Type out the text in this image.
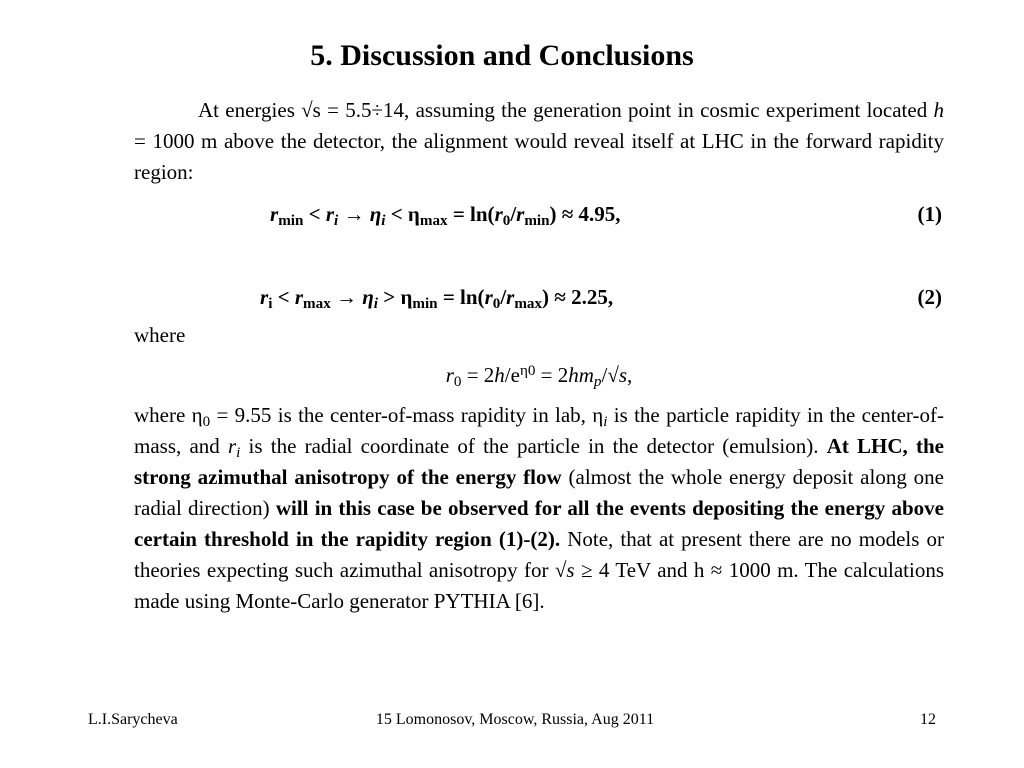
5. Discussion and Conclusions
At energies √s = 5.5÷14, assuming the generation point in cosmic experiment located h = 1000 m above the detector, the alignment would reveal itself at LHC in the forward rapidity region:
$r_{min} < r_i \to \eta_i < \eta_{max} = \ln(r_0/r_{min}) \approx 4.95$,	(1)
$r_i < r_{max} \to \eta_i > \eta_{min} = \ln(r_0/r_{max}) \approx 2.25$,	(2)
where
$r_0 = 2h/e^{\eta 0} = 2hm_p/√s$,
where $\eta_0 = 9.55$ is the center-of-mass rapidity in lab, $\eta_i$ is the particle rapidity in the center-of-mass, and $r_i$ is the radial coordinate of the particle in the detector (emulsion). At LHC, the strong azimuthal anisotropy of the energy flow (almost the whole energy deposit along one radial direction) will in this case be observed for all the events depositing the energy above certain threshold in the rapidity region (1)-(2). Note, that at present there are no models or theories expecting such azimuthal anisotropy for √s ≥ 4 TeV and h ≈ 1000 m. The calculations made using Monte-Carlo generator PYTHIA [6].
L.I.Sarycheva	15 Lomonosov, Moscow, Russia, Aug 2011	12
